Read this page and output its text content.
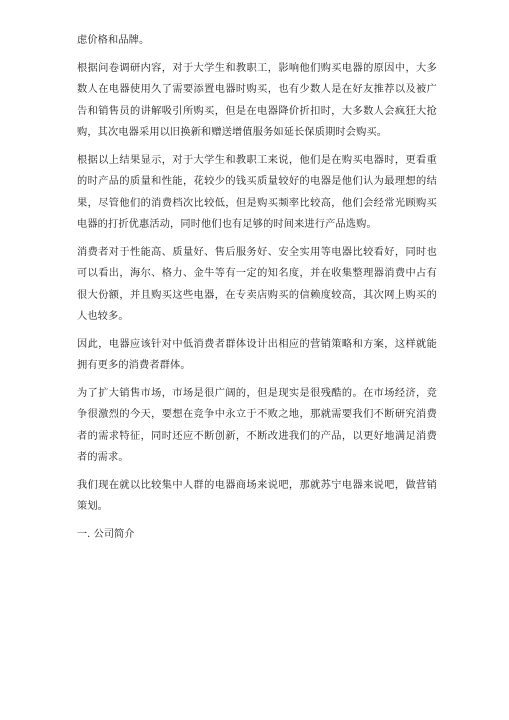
虑价格和品牌。

根据问卷调研内容，对于大学生和教职工，影响他们购买电器的原因中，大多数人在电器使用久了需要添置电器时购买，也有少数人是在好友推荐以及被广告和销售员的讲解吸引所购买，但是在电器降价折扣时，大多数人会疯狂大抢购，其次电器采用以旧换新和赠送增值服务如延长保质期时会购买。

根据以上结果显示，对于大学生和教职工来说，他们是在购买电器时，更看重的时产品的质量和性能，花较少的钱买质量较好的电器是他们认为最理想的结果，尽管他们的消费档次比较低，但是购买频率比较高，他们会经常光顾购买电器的打折优惠活动，同时他们也有足够的时间来进行产品选购。

消费者对于性能高、质量好、售后服务好、安全实用等电器比较看好，同时也可以看出，海尔、格力、金牛等有一定的知名度，并在收集整理器消费中占有很大份额，并且购买这些电器，在专卖店购买的信赖度较高，其次网上购买的人也较多。

因此，电器应该针对中低消费者群体设计出相应的营销策略和方案，这样就能拥有更多的消费者群体。

为了扩大销售市场，市场是很广阔的，但是现实是很残酷的。在市场经济，竞争很激烈的今天，要想在竞争中永立于不败之地，那就需要我们不断研究消费者的需求特征，同时还应不断创新，不断改进我们的产品，以更好地满足消费者的需求。

我们现在就以比较集中人群的电器商场来说吧，那就苏宁电器来说吧，做营销策划。

一. 公司简介
